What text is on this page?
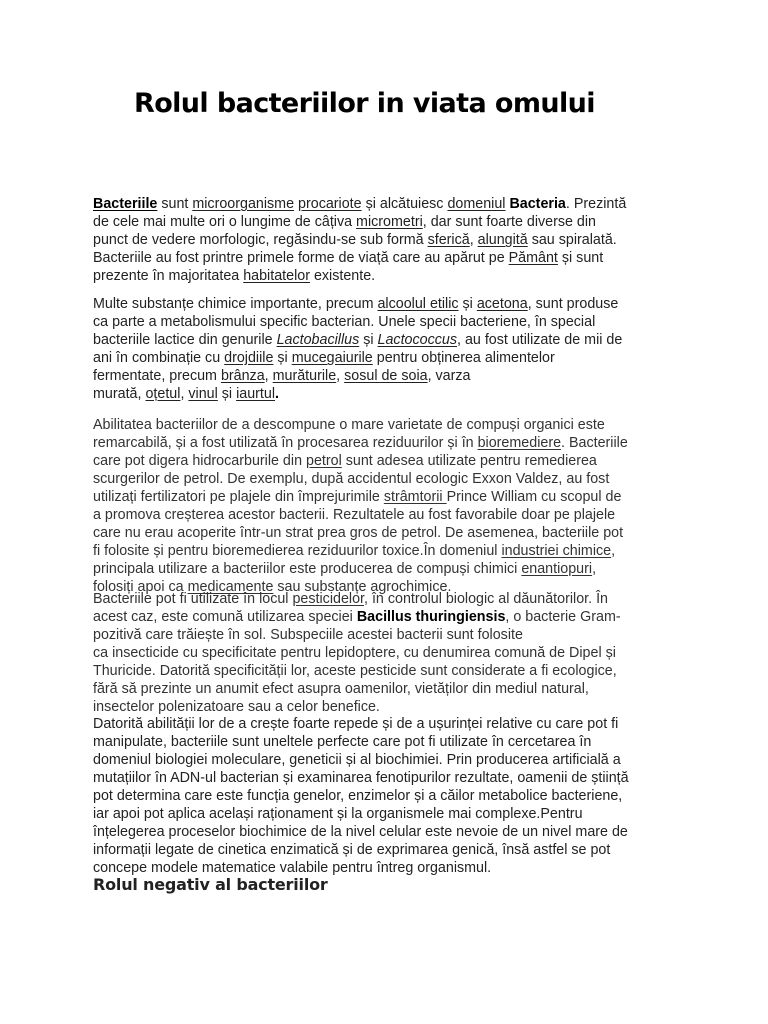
Rolul bacteriilor in viata omului
Bacteriile sunt microorganisme procariote și alcătuiesc domeniul Bacteria. Prezintă
de cele mai multe ori o lungime de câțiva micrometri, dar sunt foarte diverse din
punct de vedere morfologic, regăsindu-se sub formă sferică, alungită sau spiralată.
Bacteriile au fost printre primele forme de viață care au apărut pe Pământ și sunt
prezente în majoritatea habitatelor existente.
Multe substanțe chimice importante, precum alcoolul etilic și acetona, sunt produse
ca parte a metabolismului specific bacterian. Unele specii bacteriene, în special
bacteriile lactice din genurile Lactobacillus și Lactococcus, au fost utilizate de mii de
ani în combinație cu drojdiile și mucegaiurile pentru obținerea alimentelor
fermentate, precum brânza, murăturile, sosul de soia, varza
murată, oțetul, vinul și iaurtul.
Abilitatea bacteriilor de a descompune o mare varietate de compuși organici este
remarcabilă, și a fost utilizată în procesarea reziduurilor și în bioremediere. Bacteriile
care pot digera hidrocarburile din petrol sunt adesea utilizate pentru remedierea
scurgerilor de petrol. De exemplu, după accidentul ecologic Exxon Valdez, au fost
utilizați fertilizatori pe plajele din împrejurimile strâmtorii Prince William cu scopul de
a promova creșterea acestor bacterii. Rezultatele au fost favorabile doar pe plajele
care nu erau acoperite într-un strat prea gros de petrol. De asemenea, bacteriile pot
fi folosite și pentru bioremedierea reziduurilor toxice.În domeniul industriei chimice,
principala utilizare a bacteriilor este producerea de compuși chimici enantiopuri,
folosiți apoi ca medicamente sau substanțe agrochimice.
Bacteriile pot fi utilizate în locul pesticidelor, în controlul biologic al dăunătorilor. În
acest caz, este comună utilizarea speciei Bacillus thuringiensis, o bacterie Gram-
pozitivă care trăiește în sol. Subspeciile acestei bacterii sunt folosite
ca insecticide cu specificitate pentru lepidoptere, cu denumirea comună de Dipel și
Thuricide. Datorită specificității lor, aceste pesticide sunt considerate a fi ecologice,
fără să prezinte un anumit efect asupra oamenilor, vietăților din mediul natural,
insectelor polenizatoare sau a celor benefice.
Datorită abilității lor de a crește foarte repede și de a ușurinței relative cu care pot fi
manipulate, bacteriile sunt uneltele perfecte care pot fi utilizate în cercetarea în
domeniul biologiei moleculare, geneticii și al biochimiei. Prin producerea artificială a
mutațiilor în ADN-ul bacterian și examinarea fenotipurilor rezultate, oamenii de știință
pot determina care este funcția genelor, enzimelor și a căilor metabolice bacteriene,
iar apoi pot aplica același raționament și la organismele mai complexe.Pentru
înțelegerea proceselor biochimice de la nivel celular este nevoie de un nivel mare de
informații legate de cinetica enzimatică și de exprimarea genică, însă astfel se pot
concepe modele matematice valabile pentru întreg organismul.
Rolul negativ al bacteriilor
